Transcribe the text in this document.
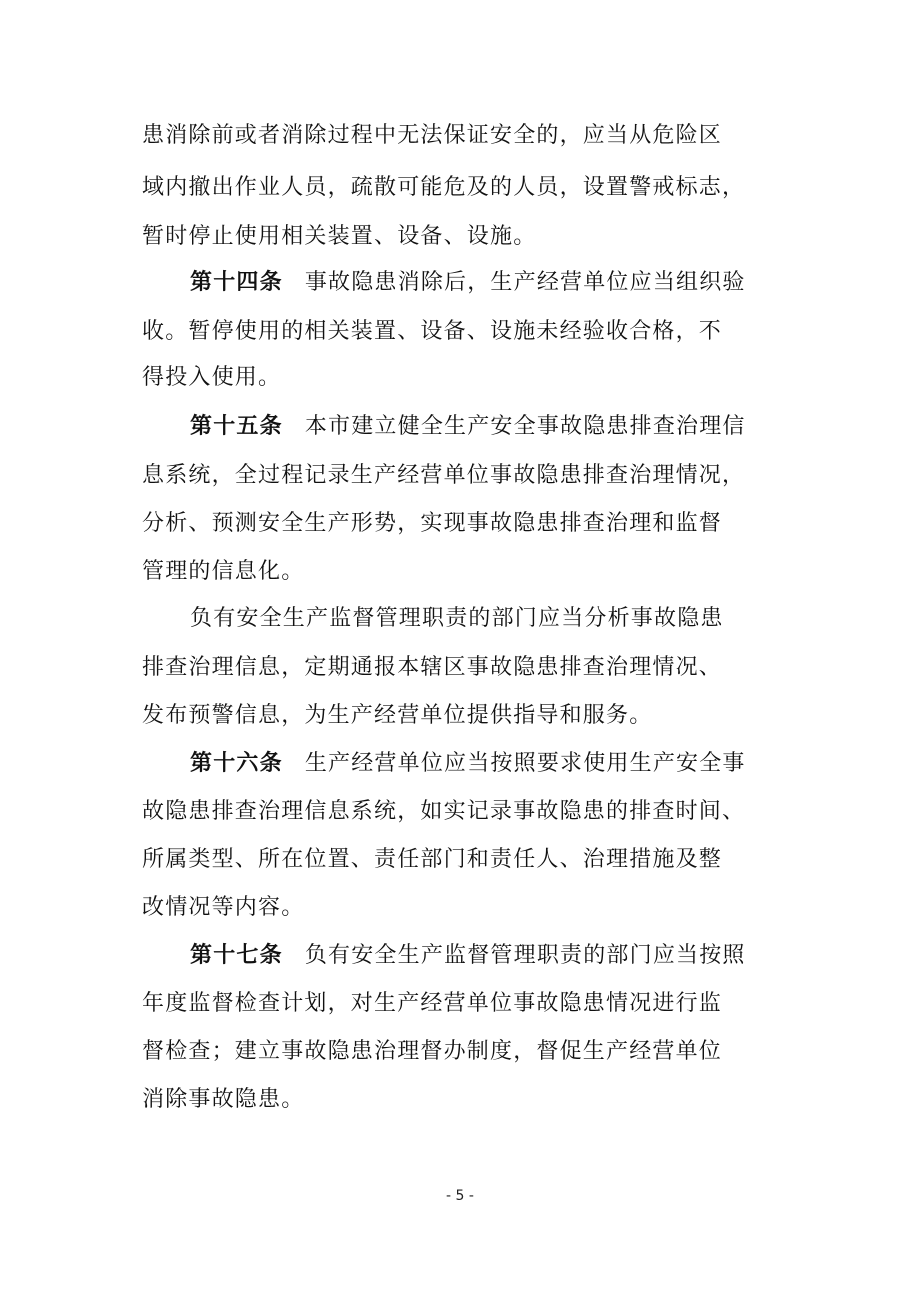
患消除前或者消除过程中无法保证安全的，应当从危险区
域内撤出作业人员，疏散可能危及的人员，设置警戒标志，
暂时停止使用相关装置、设备、设施。
第十四条 事故隐患消除后，生产经营单位应当组织验
收。暂停使用的相关装置、设备、设施未经验收合格，不
得投入使用。
第十五条 本市建立健全生产安全事故隐患排查治理信
息系统，全过程记录生产经营单位事故隐患排查治理情况，
分析、预测安全生产形势，实现事故隐患排查治理和监督
管理的信息化。
负有安全生产监督管理职责的部门应当分析事故隐患
排查治理信息，定期通报本辖区事故隐患排查治理情况、
发布预警信息，为生产经营单位提供指导和服务。
第十六条 生产经营单位应当按照要求使用生产安全事
故隐患排查治理信息系统，如实记录事故隐患的排查时间、
所属类型、所在位置、责任部门和责任人、治理措施及整
改情况等内容。
第十七条 负有安全生产监督管理职责的部门应当按照
年度监督检查计划，对生产经营单位事故隐患情况进行监
督检查；建立事故隐患治理督办制度，督促生产经营单位
消除事故隐患。
- 5 -
